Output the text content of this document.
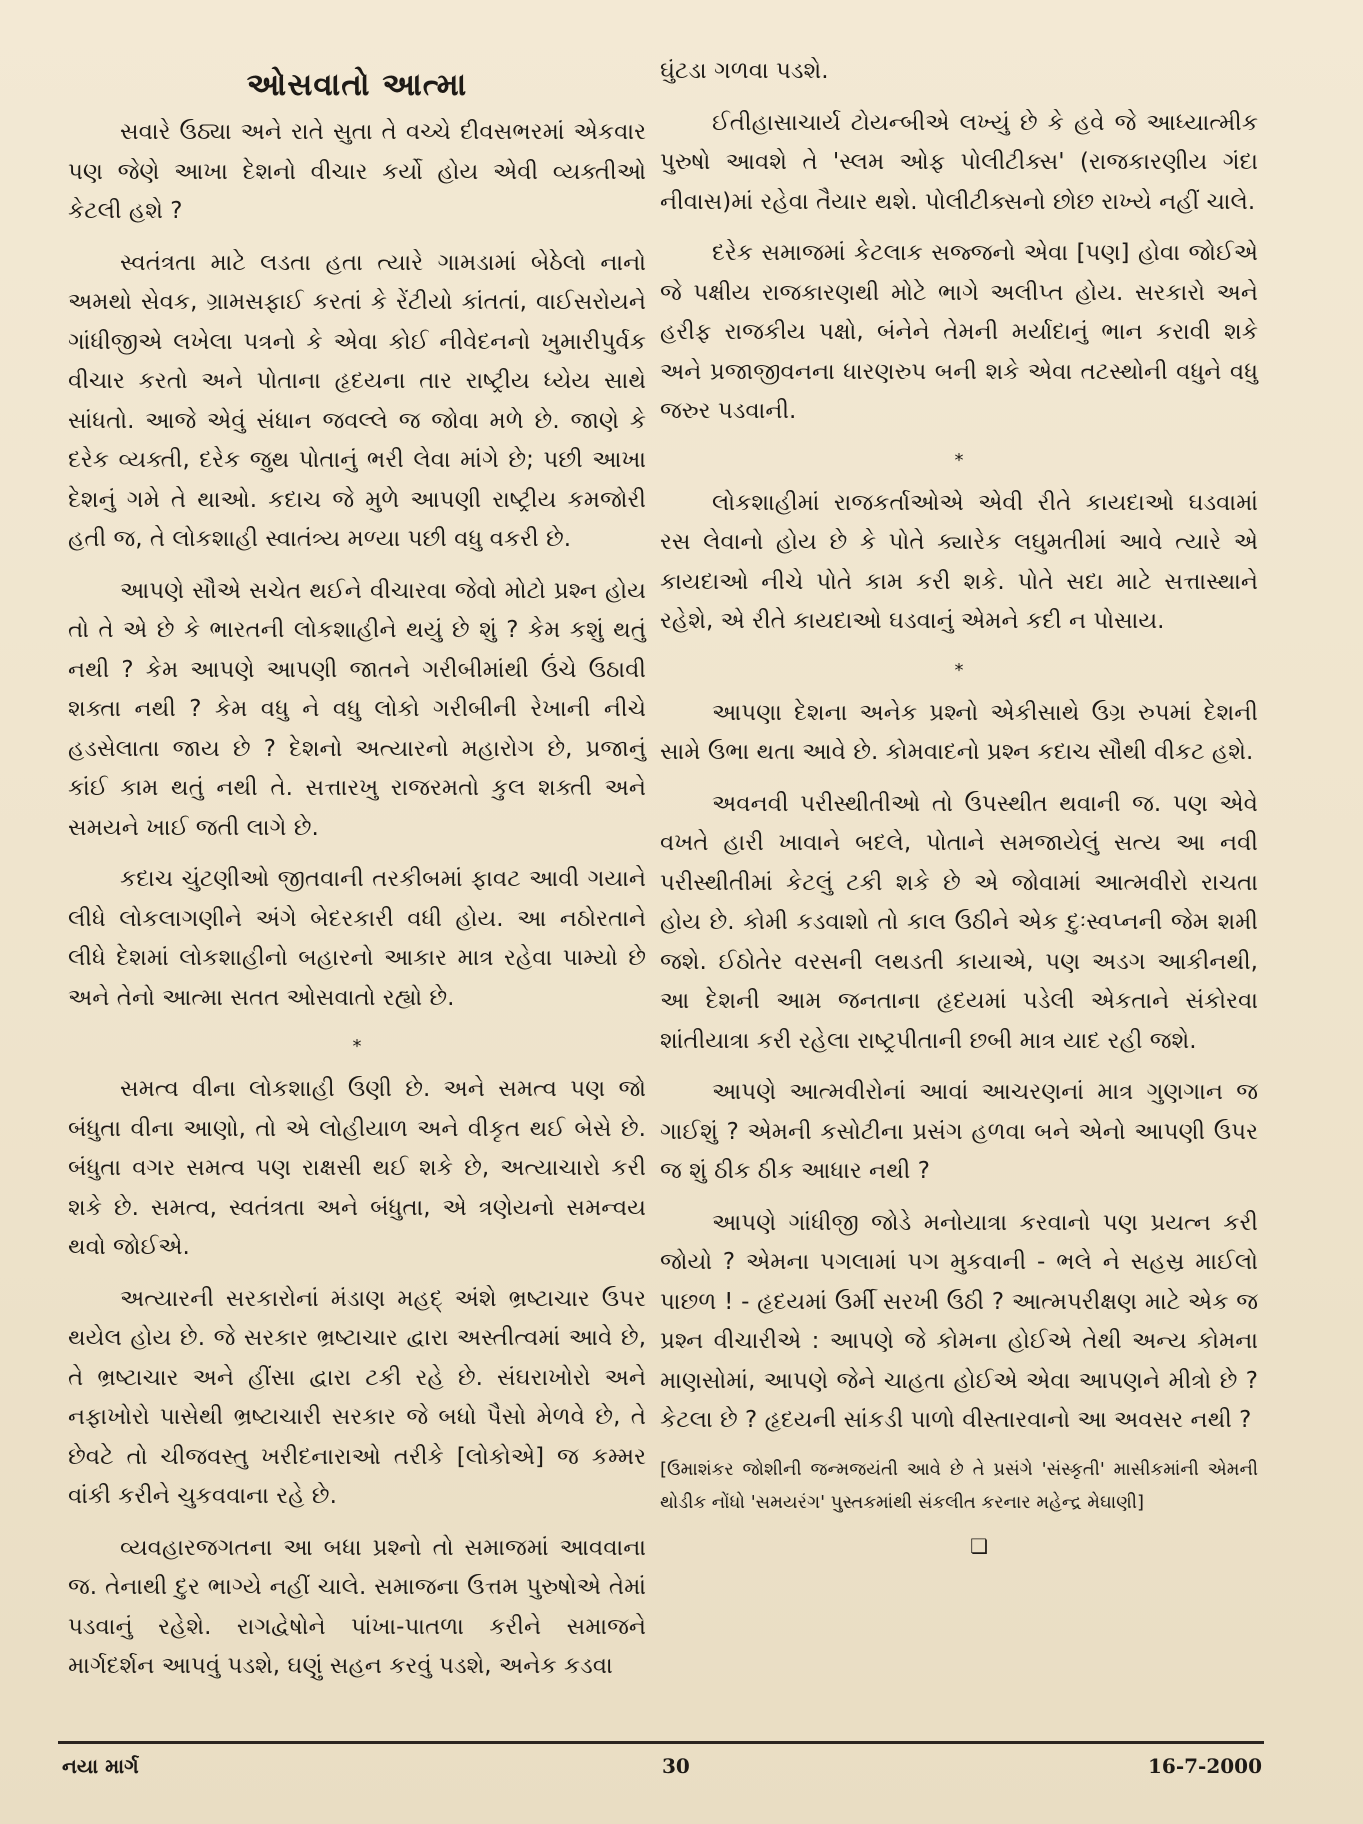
ઓસવાતો આત્મા

સવારે ઉઠ્યા અને રાતે સુતા તે વચ્ચે દીવસભરમાં એકવાર પણ જેણે આખા દેશનો વીચાર કર્યો હોય એવી વ્યક્તીઓ કેટલી હશે ?

સ્વતંત્રતા માટે લડતા હતા ત્યારે ગામડામાં બેઠેલો નાનો અમથો સેવક, ગ્રામસફાઈ કરતાં કે રેંટીયો કાંતતાં, વાઈસરોયને ગાંધીજીએ લખેલા પત્રનો કે એવા કોઈ નીવેદનનો ખુમારીપુર્વક વીચાર કરતો અને પોતાના હૃદયના તાર રાષ્ટ્રીય ધ્યેય સાથે સાંધતો. આજે એવું સંધાન જવલ્લે જ જોવા મળે છે. જાણે કે દરેક વ્યક્તી, દરેક જુથ પોતાનું ભરી લેવા માંગે છે; પછી આખા દેશનું ગમે તે થાઓ. કદાચ જે મુળે આપણી રાષ્ટ્રીય કમજોરી હતી જ, તે લોકશાહી સ્વાતંત્ર્ય મળ્યા પછી વધુ વકરી છે.

આપણે સૌએ સચેત થઈને વીચારવા જેવો મોટો પ્રશ્ન હોય તો તે એ છે કે ભારતની લોકશાહીને થયું છે શું ? કેમ કશું થતું નથી ? કેમ આપણે આપણી જાતને ગરીબીમાંથી ઉંચે ઉઠાવી શક્તા નથી ? કેમ વધુ ને વધુ લોકો ગરીબીની રેખાની નીચે હડસેલાતા જાય છે ? દેશનો અત્યારનો મહારોગ છે, પ્રજાનું કાંઈ કામ થતું નથી તે. સત્તારખુ રાજરમતો કુલ શક્તી અને સમયને ખાઈ જતી લાગે છે.

કદાચ ચુંટણીઓ જીતવાની તરકીબમાં ફાવટ આવી ગયાને લીધે લોકલાગણીને અંગે બેદરકારી વધી હોય. આ નઠોરતાને લીધે દેશમાં લોકશાહીનો બહારનો આકાર માત્ર રહેવા પામ્યો છે અને તેનો આત્મા સતત ઓસવાતો રહ્યો છે.

*

સમત્વ વીના લોકશાહી ઉણી છે. અને સમત્વ પણ જો બંધુતા વીના આણો, તો એ લોહીયાળ અને વીકૃત થઈ બેસે છે. બંધુતા વગર સમત્વ પણ રાક્ષસી થઈ શકે છે, અત્યાચારો કરી શકે છે. સમત્વ, સ્વતંત્રતા અને બંધુતા, એ ત્રણેયનો સમન્વય થવો જોઈએ.

અત્યારની સરકારોનાં મંડાણ મહદ્ અંશે ભ્રષ્ટાચાર ઉપર થયેલ હોય છે. જે સરકાર ભ્રષ્ટાચાર દ્વારા અસ્તીત્વમાં આવે છે, તે ભ્રષ્ટાચાર અને હીંસા દ્વારા ટકી રહે છે. સંઘરાખોરો અને નફાખોરો પાસેથી ભ્રષ્ટાચારી સરકાર જે બધો પૈસો મેળવે છે, તે છેવટે તો ચીજવસ્તુ ખરીદનારાઓ તરીકે [લોકોએ] જ કમ્મર વાંકી કરીને ચુકવવાના રહે છે.

વ્યવહારજગતના આ બધા પ્રશ્નો તો સમાજમાં આવવાના જ. તેનાથી દુર ભાગ્યે નહીં ચાલે. સમાજના ઉત્તમ પુરુષોએ તેમાં પડવાનું રહેશે. રાગદ્વેષોને પાંખા-પાતળા કરીને સમાજને માર્ગદર્શન આપવું પડશે, ઘણું સહન કરવું પડશે, અનેક કડવા

ઘુંટડા ગળવા પડશે.

ઈતીહાસાચાર્ય ટોયન્બીએ લખ્યું છે કે હવે જે આધ્યાત્મીક પુરુષો આવશે તે 'સ્લમ ઓફ પોલીટીક્સ' (રાજકારણીય ગંદા નીવાસ)માં રહેવા તૈયાર થશે. પોલીટીક્સનો છોછ રાખ્યે નહીં ચાલે.

દરેક સમાજમાં કેટલાક સજ્જનો એવા [પણ] હોવા જોઈએ જે પક્ષીય રાજકારણથી મોટે ભાગે અલીપ્ત હોય. સરકારો અને હરીફ રાજકીય પક્ષો, બંનેને તેમની મર્યાદાનું ભાન કરાવી શકે અને પ્રજાજીવનના ધારણરુપ બની શકે એવા તટસ્થોની વધુને વધુ જરુર પડવાની.

*

લોકશાહીમાં રાજકર્તાઓએ એવી રીતે કાયદાઓ ઘડવામાં રસ લેવાનો હોય છે કે પોતે ક્યારેક લઘુમતીમાં આવે ત્યારે એ કાયદાઓ નીચે પોતે કામ કરી શકે. પોતે સદા માટે સત્તાસ્થાને રહેશે, એ રીતે કાયદાઓ ઘડવાનું એમને કદી ન પોસાય.

*

આપણા દેશના અનેક પ્રશ્નો એકીસાથે ઉગ્ર રુપમાં દેશની સામે ઉભા થતા આવે છે. કોમવાદનો પ્રશ્ન કદાચ સૌથી વીકટ હશે.

અવનવી પરીસ્થીતીઓ તો ઉપસ્થીત થવાની જ. પણ એવે વખતે હારી ખાવાને બદલે, પોતાને સમજાયેલું સત્ય આ નવી પરીસ્થીતીમાં કેટલું ટકી શકે છે એ જોવામાં આત્મવીરો રાચતા હોય છે. કોમી કડવાશો તો કાલ ઉઠીને એક દુઃસ્વપ્નની જેમ શમી જશે. ઈઠોતેર વરસની લથડતી કાયાએ, પણ અડગ આકીનથી, આ દેશની આમ જનતાના હૃદયમાં પડેલી એકતાને સંકોરવા શાંતીયાત્રા કરી રહેલા રાષ્ટ્રપીતાની છબી માત્ર યાદ રહી જશે.

આપણે આત્મવીરોનાં આવાં આચરણનાં માત્ર ગુણગાન જ ગાઈશું ? એમની કસોટીના પ્રસંગ હળવા બને એનો આપણી ઉપર જ શું ઠીક ઠીક આધાર નથી ?

આપણે ગાંધીજી જોડે મનોયાત્રા કરવાનો પણ પ્રયત્ન કરી જોયો ? એમના પગલામાં પગ મુકવાની - ભલે ને સહસ્ર માઈલો પાછળ ! - હૃદયમાં ઉર્મી સરખી ઉઠી ? આત્મપરીક્ષણ માટે એક જ પ્રશ્ન વીચારીએ : આપણે જે કોમના હોઈએ તેથી અન્ય કોમના માણસોમાં, આપણે જેને ચાહતા હોઈએ એવા આપણને મીત્રો છે ? કેટલા છે ? હૃદયની સાંકડી પાળો વીસ્તારવાનો આ અવસર નથી ?

[ઉમાશંકર જોશીની જન્મજયંતી આવે છે તે પ્રસંગે 'સંસ્કૃતી' માસીકમાંની એમની થોડીક નોંધો 'સમયરંગ' પુસ્તકમાંથી સંકલીત કરનાર મહેન્દ્ર મેઘાણી]

❏
નયા માર્ગ	30	16-7-2000
